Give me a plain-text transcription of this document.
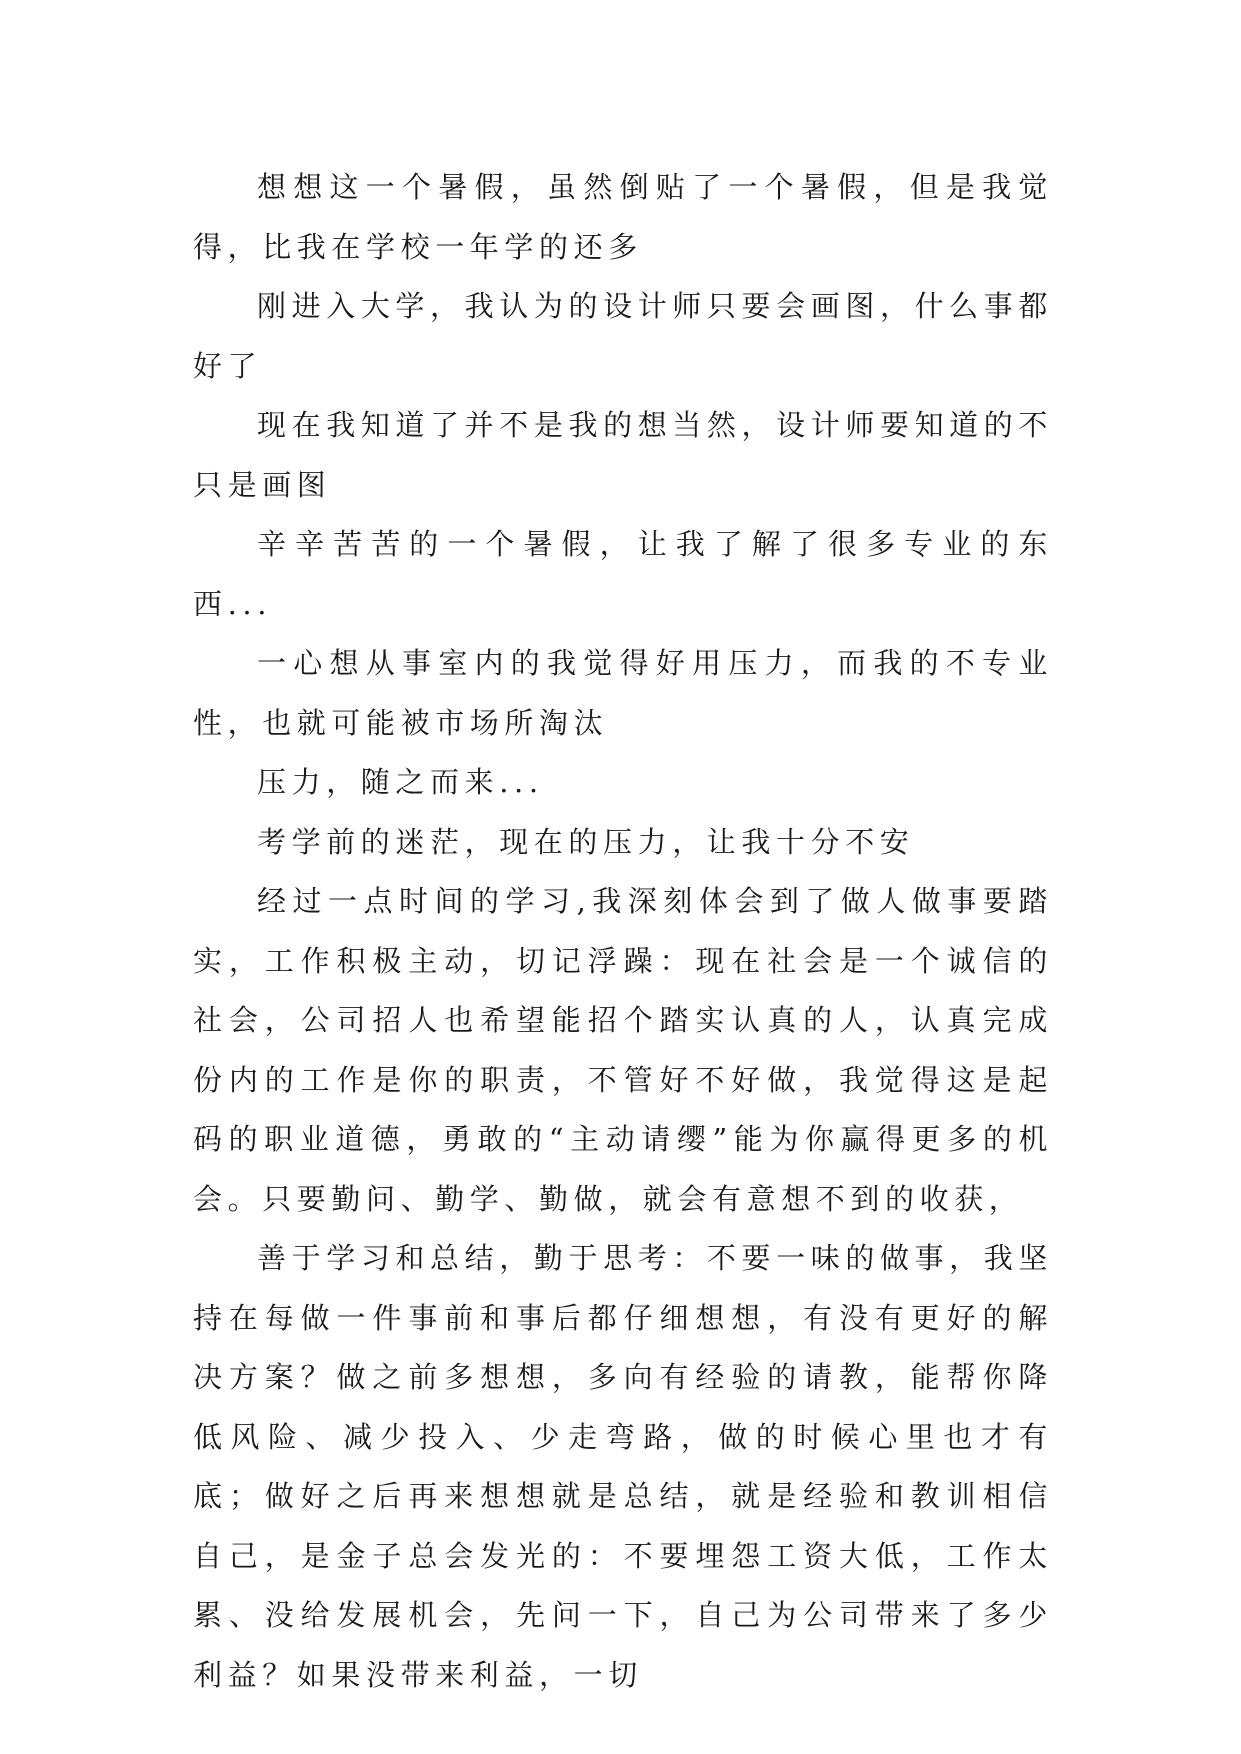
想想这一个暑假，虽然倒贴了一个暑假，但是我觉得，比我在学校一年学的还多

刚进入大学，我认为的设计师只要会画图，什么事都好了

现在我知道了并不是我的想当然，设计师要知道的不只是画图

辛辛苦苦的一个暑假，让我了解了很多专业的东西...

一心想从事室内的我觉得好用压力，而我的不专业性，也就可能被市场所淘汰

压力，随之而来...

考学前的迷茫，现在的压力，让我十分不安

经过一点时间的学习,我深刻体会到了做人做事要踏实，工作积极主动，切记浮躁：现在社会是一个诚信的社会，公司招人也希望能招个踏实认真的人，认真完成份内的工作是你的职责，不管好不好做，我觉得这是起码的职业道德，勇敢的“主动请缨”能为你赢得更多的机会。只要勤问、勤学、勤做，就会有意想不到的收获，

善于学习和总结，勤于思考：不要一味的做事，我坚持在每做一件事前和事后都仔细想想，有没有更好的解决方案？做之前多想想，多向有经验的请教，能帮你降低风险、减少投入、少走弯路，做的时候心里也才有底；做好之后再来想想就是总结，就是经验和教训相信自己，是金子总会发光的：不要埋怨工资大低，工作太累、没给发展机会，先问一下，自己为公司带来了多少利益？如果没带来利益，一切
